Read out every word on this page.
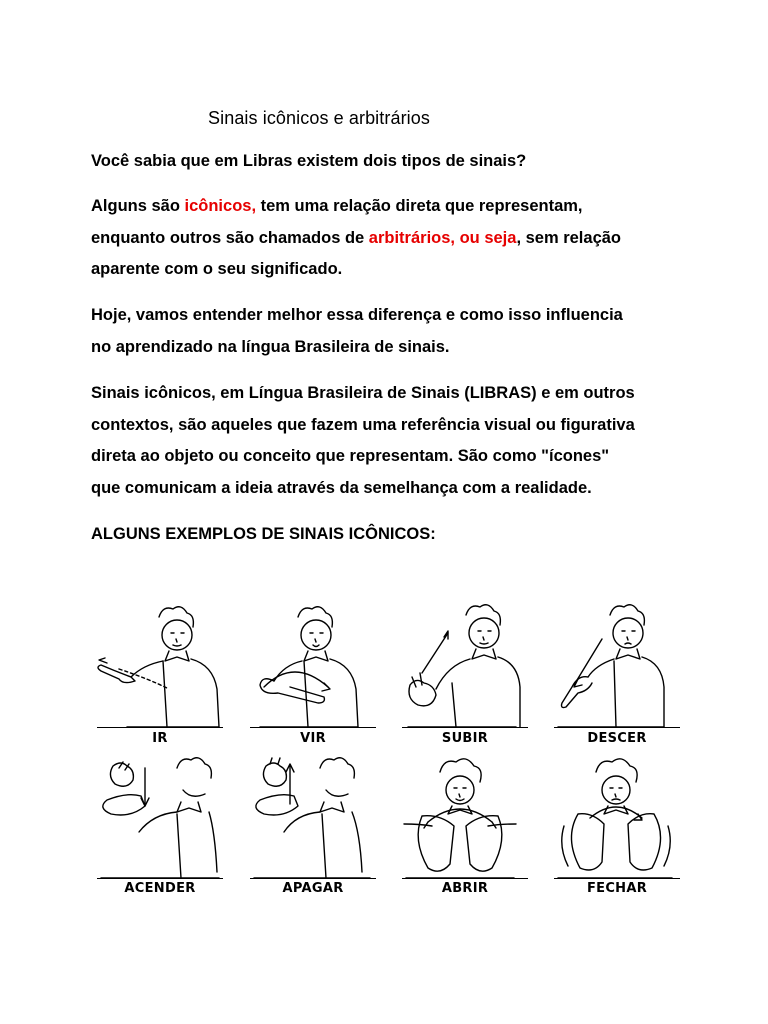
Sinais icônicos e arbitrários

Você sabia que em Libras existem dois tipos de sinais?

Alguns são icônicos, tem uma relação direta que representam,

enquanto outros são chamados de arbitrários, ou seja, sem relação

aparente com o seu significado.

Hoje, vamos entender melhor essa diferença e como isso influencia

no aprendizado na língua Brasileira de sinais.

Sinais icônicos, em Língua Brasileira de Sinais (LIBRAS) e em outros

contextos, são aqueles que fazem uma referência visual ou figurativa

direta ao objeto ou conceito que representam. São como "ícones"

que comunicam a ideia através da semelhança com a realidade.

ALGUNS EXEMPLOS DE SINAIS ICÔNICOS:

IR	VIR	SUBIR	DESCER
ACENDER	APAGAR	ABRIR	FECHAR
